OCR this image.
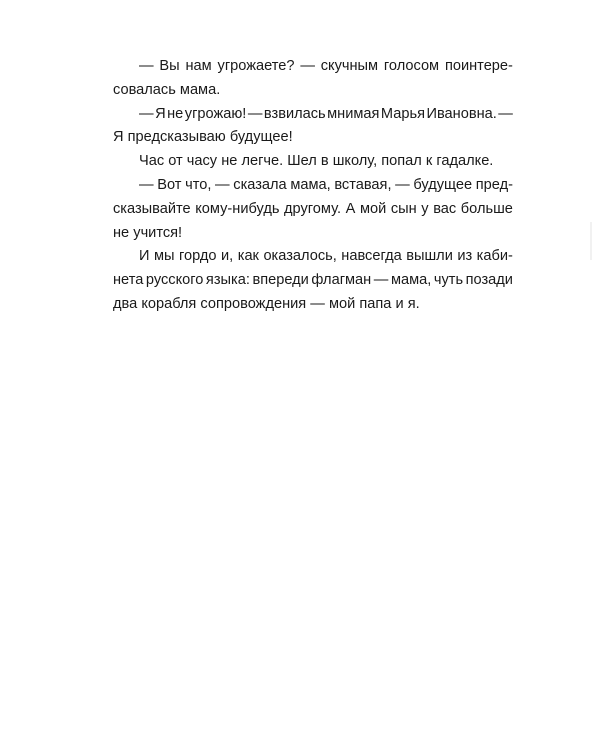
— Вы нам угрожаете? — скучным голосом поинтере-
совалась мама.
— Я не угрожаю! — взвилась мнимая Марья Ивановна. —
Я предсказываю будущее!
Час от часу не легче. Шел в школу, попал к гадалке.
— Вот что, — сказала мама, вставая, — будущее пред-
сказывайте кому-нибудь другому. А мой сын у вас больше
не учится!
И мы гордо и, как оказалось, навсегда вышли из каби-
нета русского языка: впереди флагман — мама, чуть позади
два корабля сопровождения — мой папа и я.
